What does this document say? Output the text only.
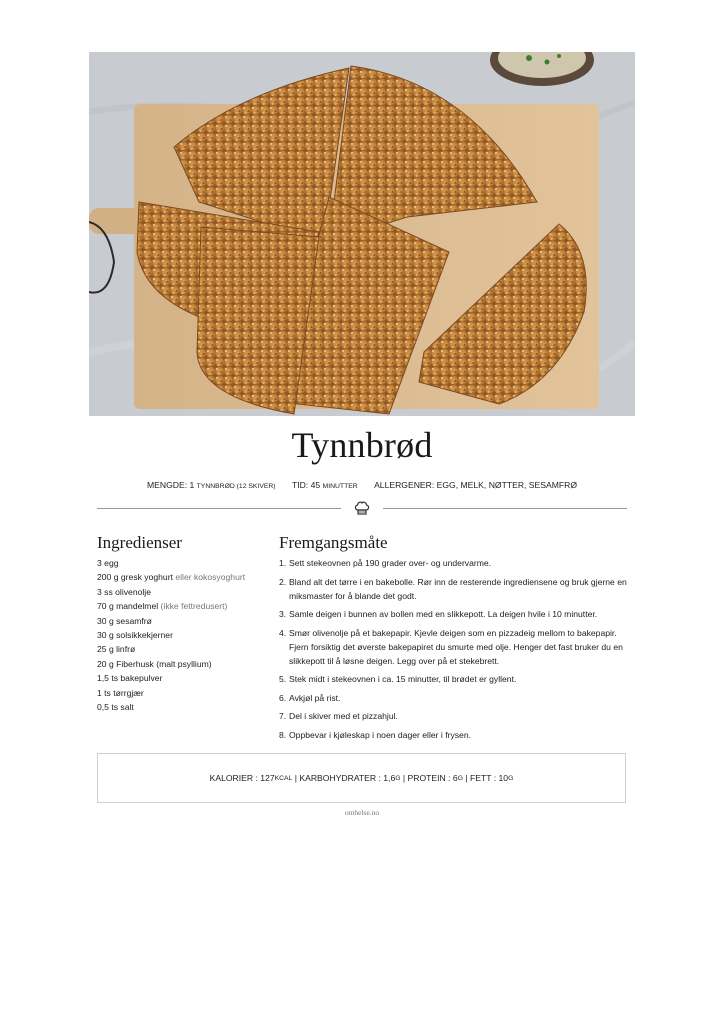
Tynnbrød
MENGDE: 1 TYNNBRØD (12 SKIVER) TID: 45 MINUTTER ALLERGENER: EGG, MELK, NØTTER, SESAMFRØ
Ingredienser
3 egg
200 g gresk yoghurt eller kokosyoghurt
3 ss olivenolje
70 g mandelmel (ikke fettredusert)
30 g sesamfrø
30 g solsikkekjerner
25 g linfrø
20 g Fiberhusk (malt psyllium)
1,5 ts bakepulver
1 ts tørrgjær
0,5 ts salt
Fremgangsmåte
1. Sett stekeovnen på 190 grader over- og undervarme.
2. Bland alt det tørre i en bakebolle. Rør inn de resterende ingrediensene og bruk gjerne en miksmaster for å blande det godt.
3. Samle deigen i bunnen av bollen med en slikkepott. La deigen hvile i 10 minutter.
4. Smør olivenolje på et bakepapir. Kjevle deigen som en pizzadeig mellom to bakepapir. Fjern forsiktig det øverste bakepapiret du smurte med olje. Henger det fast bruker du en slikkepott til å løsne deigen. Legg over på et stekebrett.
5. Stek midt i stekeovnen i ca. 15 minutter, til brødet er gyllent.
6. Avkjøl på rist.
7. Del i skiver med et pizzahjul.
8. Oppbevar i kjøleskap i noen dager eller i frysen.
KALORIER :
127 KCAL
|
KARBOHYDRATER :
1,6 G
|
PROTEIN :
6 G
|
FETT :
10 G
omhelse.no
